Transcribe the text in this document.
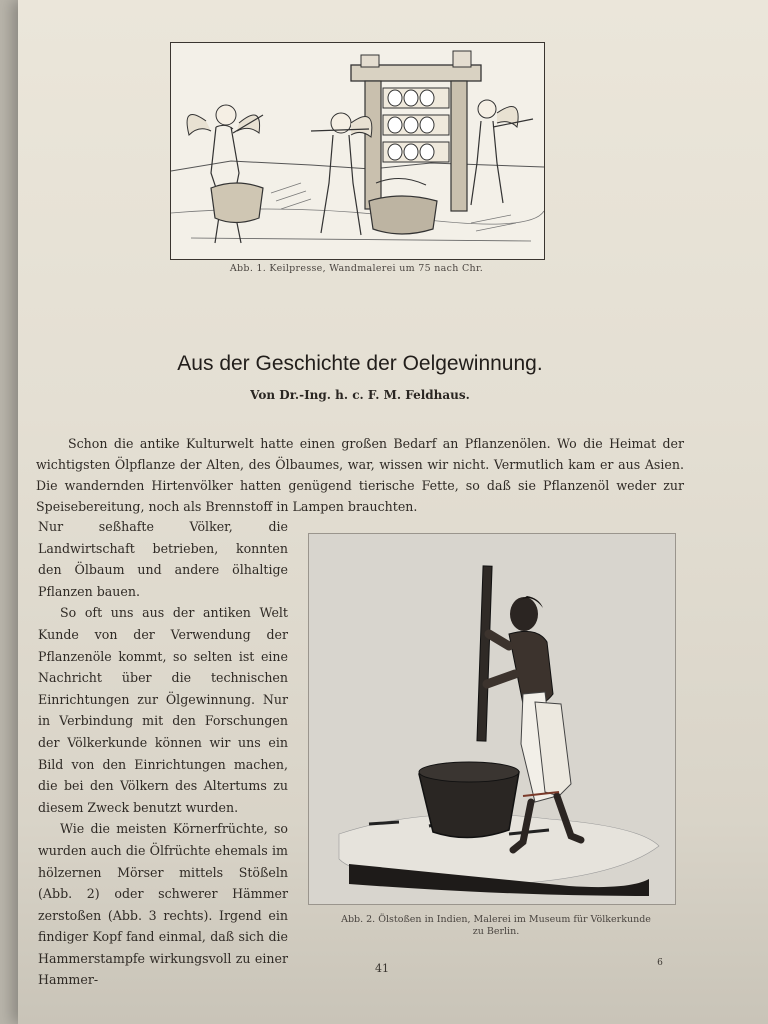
Abb. 1. Keilpresse, Wandmalerei um 75 nach Chr.
Aus der Geschichte der Oelgewinnung.
Von Dr.-Ing. h. c. F. M. Feldhaus.

Schon die antike Kulturwelt hatte einen großen Bedarf an Pflanzenölen. Wo die Heimat der wichtigsten Ölpflanze der Alten, des Ölbaumes, war, wissen wir nicht. Vermutlich kam er aus Asien. Die wandernden Hirtenvölker hatten genügend tierische Fette, so daß sie Pflanzenöl weder zur Speisebereitung, noch als Brennstoff in Lampen brauchten.

Nur seßhafte Völker, die Landwirtschaft betrieben, konnten den Ölbaum und andere ölhaltige Pflanzen bauen.

So oft uns aus der antiken Welt Kunde von der Verwendung der Pflanzenöle kommt, so selten ist eine Nachricht über die technischen Einrichtungen zur Ölgewinnung. Nur in Verbindung mit den Forschungen der Völkerkunde können wir uns ein Bild von den Einrichtungen machen, die bei den Völkern des Altertums zu diesem Zweck benutzt wurden.

Wie die meisten Körnerfrüchte, so wurden auch die Ölfrüchte ehemals im hölzernen Mörser mittels Stößeln (Abb. 2) oder schwerer Hämmer zerstoßen (Abb. 3 rechts). Irgend ein findiger Kopf fand einmal, daß sich die Hammerstampfe wirkungsvoll zu einer Hammer-

Abb. 2. Ölstoßen in Indien, Malerei im Museum für Völkerkunde
zu Berlin.
41	6
